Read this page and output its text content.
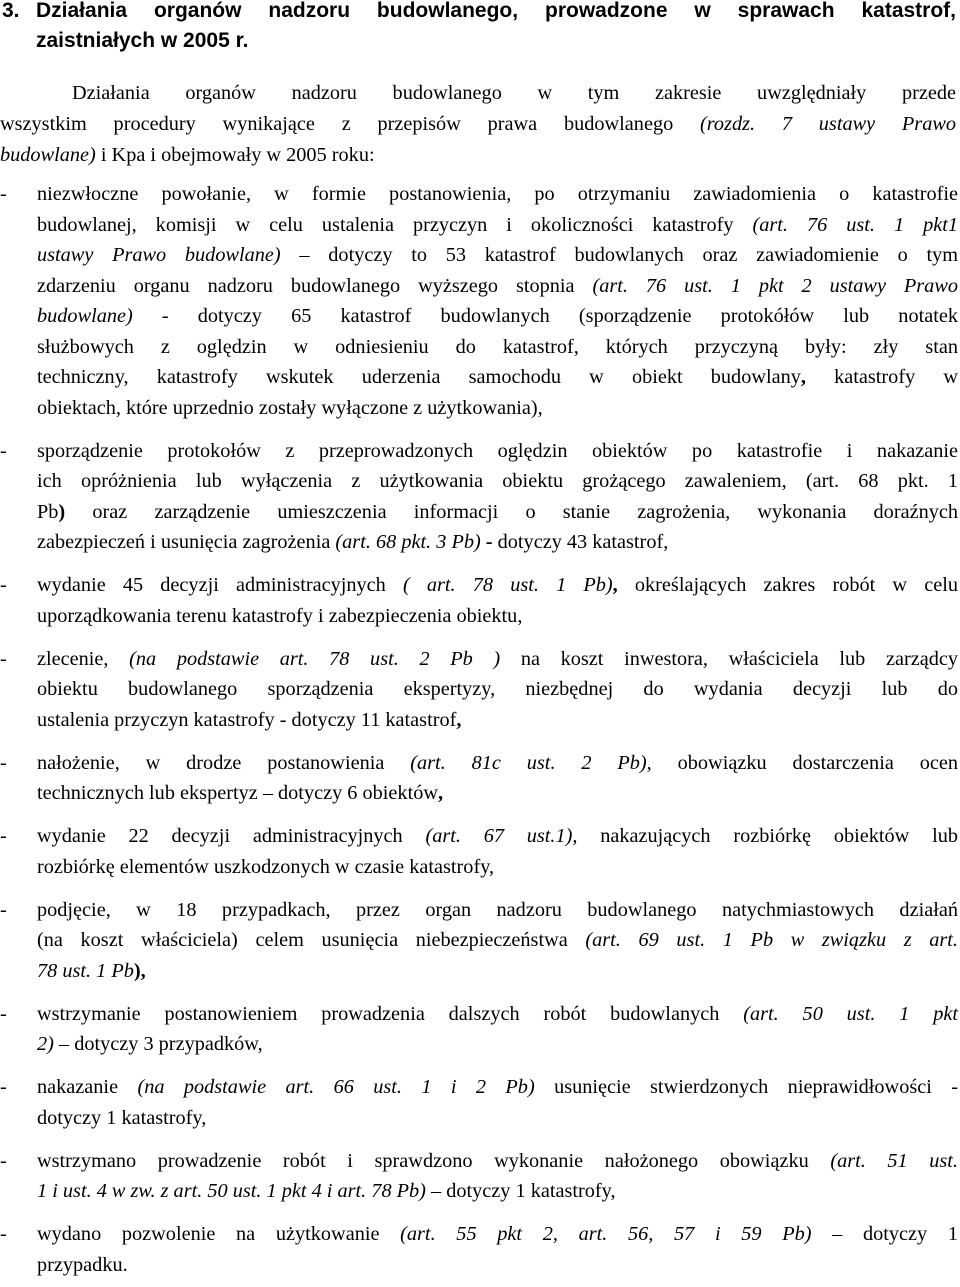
3. Działania organów nadzoru budowlanego, prowadzone w sprawach katastrof,
zaistniałych w 2005 r.
Działania organów nadzoru budowlanego w tym zakresie uwzględniały przede
wszystkim procedury wynikające z przepisów prawa budowlanego (rozdz. 7 ustawy Prawo
budowlane) i Kpa i obejmowały w 2005 roku:
- niezwłoczne powołanie, w formie postanowienia, po otrzymaniu zawiadomienia o katastrofie
budowlanej, komisji w celu ustalenia przyczyn i okoliczności katastrofy (art. 76 ust. 1 pkt1
ustawy Prawo budowlane) – dotyczy to 53 katastrof budowlanych oraz zawiadomienie o tym
zdarzeniu organu nadzoru budowlanego wyższego stopnia (art. 76 ust. 1 pkt 2 ustawy Prawo
budowlane) - dotyczy 65 katastrof budowlanych (sporządzenie protokółów lub notatek
służbowych z oględzin w odniesieniu do katastrof, których przyczyną były: zły stan
techniczny, katastrofy wskutek uderzenia samochodu w obiekt budowlany, katastrofy w
obiektach, które uprzednio zostały wyłączone z użytkowania),
- sporządzenie protokołów z przeprowadzonych oględzin obiektów po katastrofie i nakazanie
ich opróżnienia lub wyłączenia z użytkowania obiektu grożącego zawaleniem, (art. 68 pkt. 1
Pb) oraz zarządzenie umieszczenia informacji o stanie zagrożenia, wykonania doraźnych
zabezpieczeń i usunięcia zagrożenia (art. 68 pkt. 3 Pb) - dotyczy 43 katastrof,
- wydanie 45 decyzji administracyjnych ( art. 78 ust. 1 Pb), określających zakres robót w celu
uporządkowania terenu katastrofy i zabezpieczenia obiektu,
- zlecenie, (na podstawie art. 78 ust. 2 Pb ) na koszt inwestora, właściciela lub zarządcy
obiektu budowlanego sporządzenia ekspertyzy, niezbędnej do wydania decyzji lub do
ustalenia przyczyn katastrofy - dotyczy 11 katastrof,
- nałożenie, w drodze postanowienia (art. 81c ust. 2 Pb), obowiązku dostarczenia ocen
technicznych lub ekspertyz – dotyczy 6 obiektów,
- wydanie 22 decyzji administracyjnych (art. 67 ust.1), nakazujących rozbiórkę obiektów lub
rozbiórkę elementów uszkodzonych w czasie katastrofy,
- podjęcie, w 18 przypadkach, przez organ nadzoru budowlanego natychmiastowych działań
(na koszt właściciela) celem usunięcia niebezpieczeństwa (art. 69 ust. 1 Pb w związku z art.
78 ust. 1 Pb),
- wstrzymanie postanowieniem prowadzenia dalszych robót budowlanych (art. 50 ust. 1 pkt
2) – dotyczy 3 przypadków,
- nakazanie (na podstawie art. 66 ust. 1 i 2 Pb) usunięcie stwierdzonych nieprawidłowości -
dotyczy 1 katastrofy,
- wstrzymano prowadzenie robót i sprawdzono wykonanie nałożonego obowiązku (art. 51 ust.
1 i ust. 4 w zw. z art. 50 ust. 1 pkt 4 i art. 78 Pb) – dotyczy 1 katastrofy,
- wydano pozwolenie na użytkowanie (art. 55 pkt 2, art. 56, 57 i 59 Pb) – dotyczy 1
przypadku.
